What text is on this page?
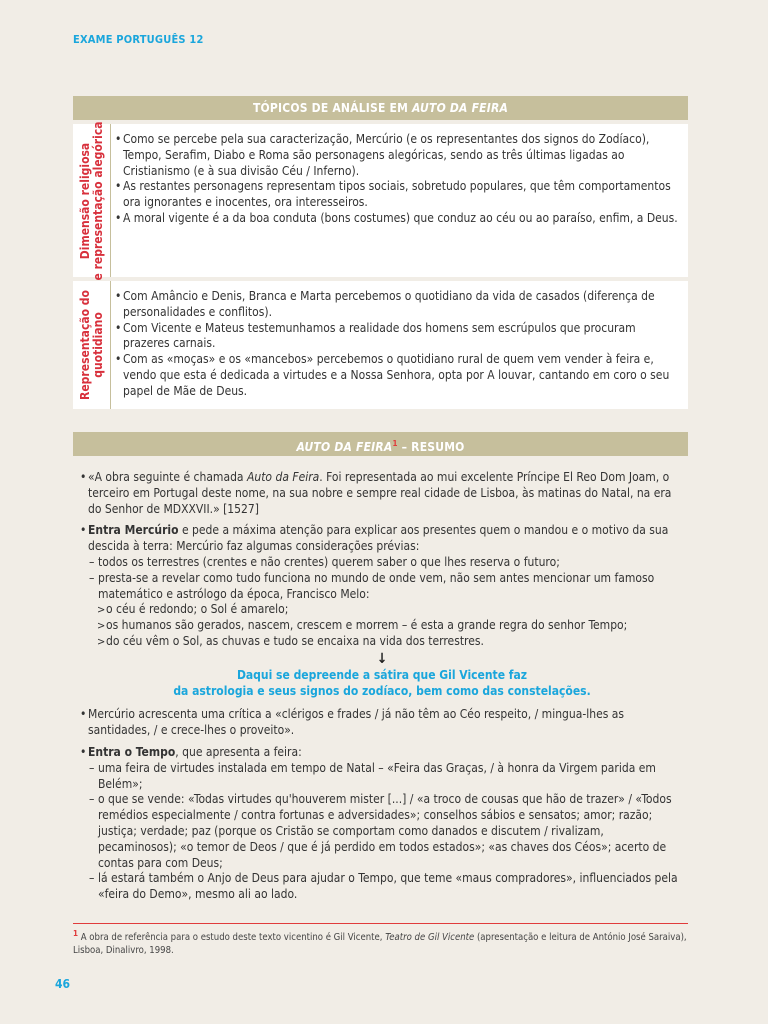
EXAME PORTUGUÊS 12
TÓPICOS DE ANÁLISE EM AUTO DA FEIRA
Dimensão religiosa e representação alegórica
•	Como se percebe pela sua caracterização, Mercúrio (e os representantes dos signos do Zodíaco), Tempo, Serafim, Diabo e Roma são personagens alegóricas, sendo as três últimas ligadas ao Cristianismo (e à sua divisão Céu / Inferno).
• As restantes personagens representam tipos sociais, sobretudo populares, que têm comportamentos ora ignorantes e inocentes, ora interesseiros.
• A moral vigente é a da boa conduta (bons costumes) que conduz ao céu ou ao paraíso, enfim, a Deus.
Representação do quotidiano
• Com Amâncio e Denis, Branca e Marta percebemos o quotidiano da vida de casados (diferença de personalidades e conflitos).
• Com Vicente e Mateus testemunhamos a realidade dos homens sem escrúpulos que procuram prazeres carnais.
• Com as «moças» e os «mancebos» percebemos o quotidiano rural de quem vem vender à feira e, vendo que esta é dedicada a virtudes e a Nossa Senhora, opta por A louvar, cantando em coro o seu papel de Mãe de Deus.
AUTO DA FEIRA$^1$ – RESUMO
• «A obra seguinte é chamada Auto da Feira. Foi representada ao mui excelente Príncipe El Reo Dom Joam, o terceiro em Portugal deste nome, na sua nobre e sempre real cidade de Lisboa, às matinas do Natal, na era do Senhor de MDXXVII.» [1527]
• Entra Mercúrio e pede a máxima atenção para explicar aos presentes quem o mandou e o motivo da sua descida à terra: Mercúrio faz algumas considerações prévias:
– todos os terrestres (crentes e não crentes) querem saber o que lhes reserva o futuro;
– presta-se a revelar como tudo funciona no mundo de onde vem, não sem antes mencionar um famoso matemático e astrólogo da época, Francisco Melo:
> o céu é redondo; o Sol é amarelo;
> os humanos são gerados, nascem, crescem e morrem – é esta a grande regra do senhor Tempo;
> do céu vêm o Sol, as chuvas e tudo se encaixa na vida dos terrestres.
↓
Daqui se depreende a sátira que Gil Vicente faz
da astrologia e seus signos do zodíaco, bem como das constelações.
• Mercúrio acrescenta uma crítica a «clérigos e frades / já não têm ao Céo respeito, / mingua-lhes as santidades, / e crece-lhes o proveito».
• Entra o Tempo, que apresenta a feira:
– uma feira de virtudes instalada em tempo de Natal – «Feira das Graças, / à honra da Virgem parida em Belém»;
– o que se vende: «Todas virtudes qu'houverem mister [...] / «a troco de cousas que hão de trazer» / «Todos remédios especialmente / contra fortunas e adversidades»; conselhos sábios e sensatos; amor; razão; justiça; verdade; paz (porque os Cristão se comportam como danados e discutem / rivalizam, pecaminosos); «o temor de Deos / que é já perdido em todos estados»; «as chaves dos Céos»; acerto de contas para com Deus;
– lá estará também o Anjo de Deus para ajudar o Tempo, que teme «maus compradores», influenciados pela «feira do Demo», mesmo ali ao lado.
$^1$ A obra de referência para o estudo deste texto vicentino é Gil Vicente, Teatro de Gil Vicente (apresentação e leitura de António José Saraiva), Lisboa, Dinalivro, 1998.
46
